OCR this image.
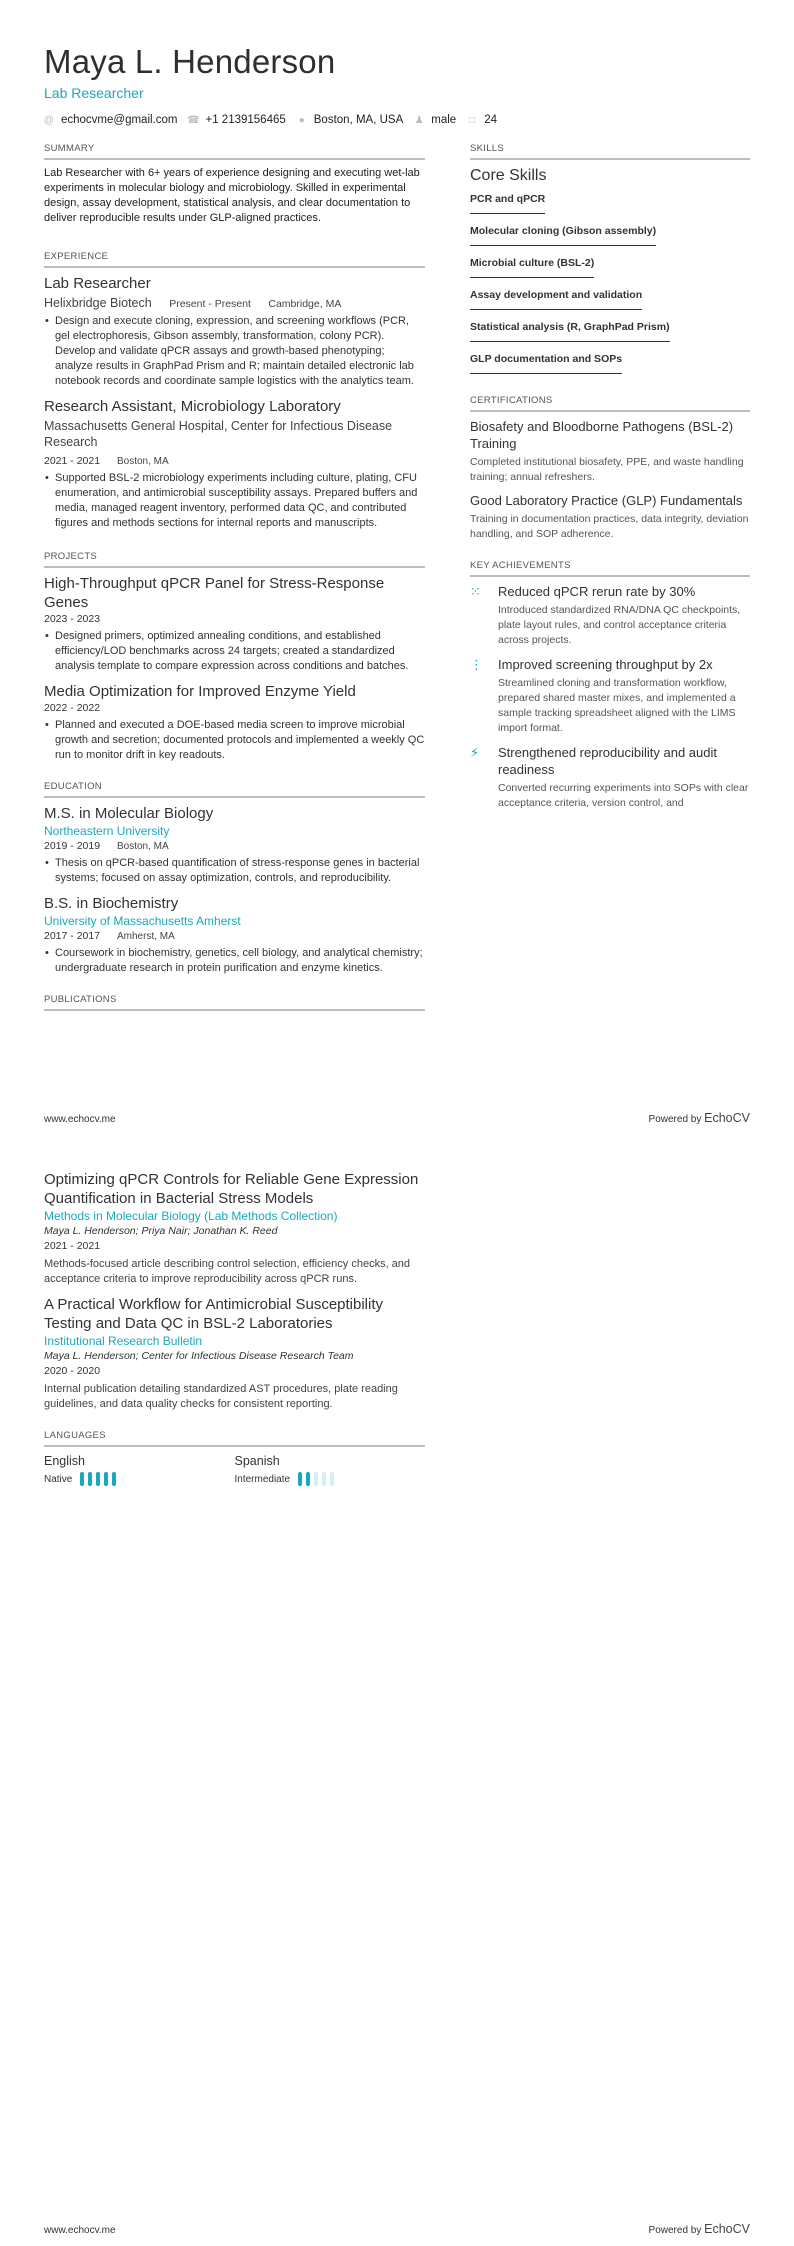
Maya L. Henderson
Lab Researcher
@ echocvme@gmail.com ☎ +1 2139156465 ● Boston, MA, USA ♟ male □ 24
SUMMARY
Lab Researcher with 6+ years of experience designing and executing wet-lab experiments in molecular biology and microbiology. Skilled in experimental design, assay development, statistical analysis, and clear documentation to deliver reproducible results under GLP-aligned practices.
EXPERIENCE
Lab Researcher
Helixbridge Biotech Present - Present Cambridge, MA
• Design and execute cloning, expression, and screening workflows (PCR, gel electrophoresis, Gibson assembly, transformation, colony PCR). Develop and validate qPCR assays and growth-based phenotyping; analyze results in GraphPad Prism and R; maintain detailed electronic lab notebook records and coordinate sample logistics with the analytics team.
Research Assistant, Microbiology Laboratory
Massachusetts General Hospital, Center for Infectious Disease Research
2021 - 2021 Boston, MA
• Supported BSL-2 microbiology experiments including culture, plating, CFU enumeration, and antimicrobial susceptibility assays. Prepared buffers and media, managed reagent inventory, performed data QC, and contributed figures and methods sections for internal reports and manuscripts.
PROJECTS
High-Throughput qPCR Panel for Stress-Response Genes
2023 - 2023
• Designed primers, optimized annealing conditions, and established efficiency/LOD benchmarks across 24 targets; created a standardized analysis template to compare expression across conditions and batches.
Media Optimization for Improved Enzyme Yield
2022 - 2022
• Planned and executed a DOE-based media screen to improve microbial growth and secretion; documented protocols and implemented a weekly QC run to monitor drift in key readouts.
EDUCATION
M.S. in Molecular Biology
Northeastern University
2019 - 2019 Boston, MA
• Thesis on qPCR-based quantification of stress-response genes in bacterial systems; focused on assay optimization, controls, and reproducibility.
B.S. in Biochemistry
University of Massachusetts Amherst
2017 - 2017 Amherst, MA
• Coursework in biochemistry, genetics, cell biology, and analytical chemistry; undergraduate research in protein purification and enzyme kinetics.
PUBLICATIONS
SKILLS
Core Skills
PCR and qPCR
Molecular cloning (Gibson assembly)
Microbial culture (BSL-2)
Assay development and validation
Statistical analysis (R, GraphPad Prism)
GLP documentation and SOPs
CERTIFICATIONS
Biosafety and Bloodborne Pathogens (BSL-2) Training
Completed institutional biosafety, PPE, and waste handling training; annual refreshers.
Good Laboratory Practice (GLP) Fundamentals
Training in documentation practices, data integrity, deviation handling, and SOP adherence.
KEY ACHIEVEMENTS
⁙	Reduced qPCR rerun rate by 30%
Introduced standardized RNA/DNA QC checkpoints, plate layout rules, and control acceptance criteria across projects.
⋮	Improved screening throughput by 2x
Streamlined cloning and transformation workflow, prepared shared master mixes, and implemented a sample tracking spreadsheet aligned with the LIMS import format.
⚡	Strengthened reproducibility and audit readiness
Converted recurring experiments into SOPs with clear acceptance criteria, version control, and
www.echocv.me	Powered by EchoCV
Optimizing qPCR Controls for Reliable Gene Expression Quantification in Bacterial Stress Models
Methods in Molecular Biology (Lab Methods Collection)
Maya L. Henderson; Priya Nair; Jonathan K. Reed
2021 - 2021
Methods-focused article describing control selection, efficiency checks, and acceptance criteria to improve reproducibility across qPCR runs.
A Practical Workflow for Antimicrobial Susceptibility Testing and Data QC in BSL-2 Laboratories
Institutional Research Bulletin
Maya L. Henderson; Center for Infectious Disease Research Team
2020 - 2020
Internal publication detailing standardized AST procedures, plate reading guidelines, and data quality checks for consistent reporting.
LANGUAGES
English
Native
Spanish
Intermediate
www.echocv.me	Powered by EchoCV
